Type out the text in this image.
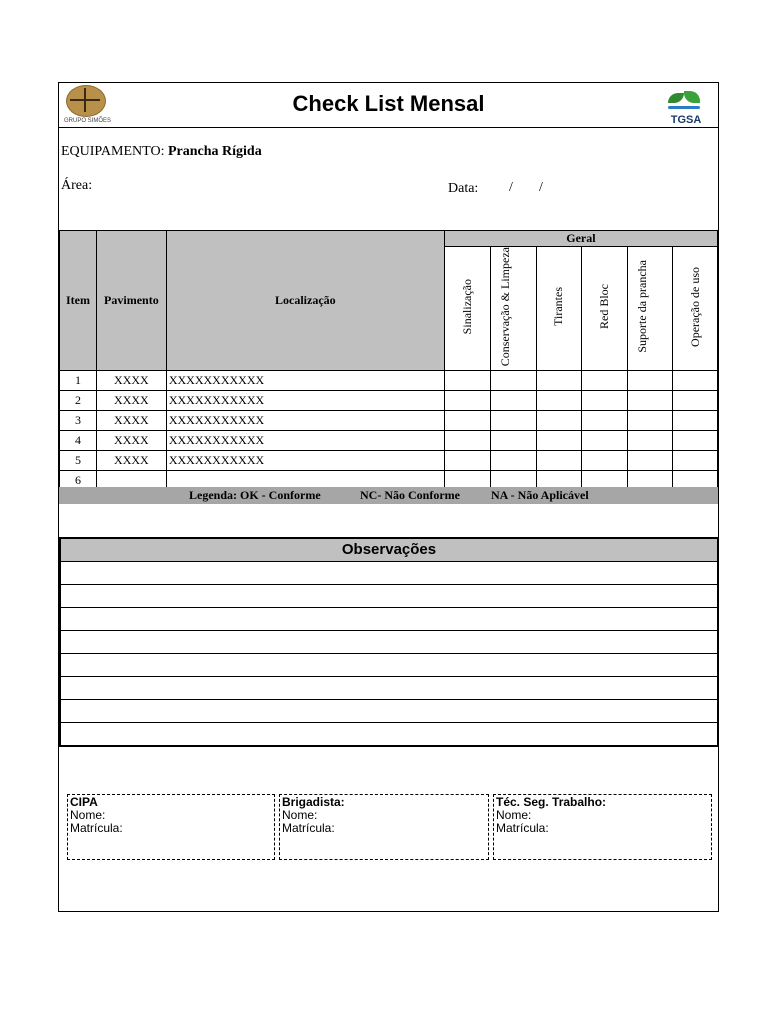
GRUPO SIMÕES
Check List Mensal
TGSA
EQUIPAMENTO: Prancha Rígida
Área:	Data: / /
Item	Pavimento	Localização	Geral					
			Sinalização	Conservação & Limpeza	Tirantes	Red Bloc	Suporte da prancha	Operação de uso
1	XXXX	XXXXXXXXXXX						
2	XXXX	XXXXXXXXXXX						
3	XXXX	XXXXXXXXXXX						
4	XXXX	XXXXXXXXXXX						
5	XXXX	XXXXXXXXXXX						
6								
Legenda: OK - Conforme	NC- Não Conforme	NA - Não Aplicável
Observações
CIPA
Nome:
Matrícula:
Brigadista:
Nome:
Matrícula:
Téc. Seg. Trabalho:
Nome:
Matrícula:
